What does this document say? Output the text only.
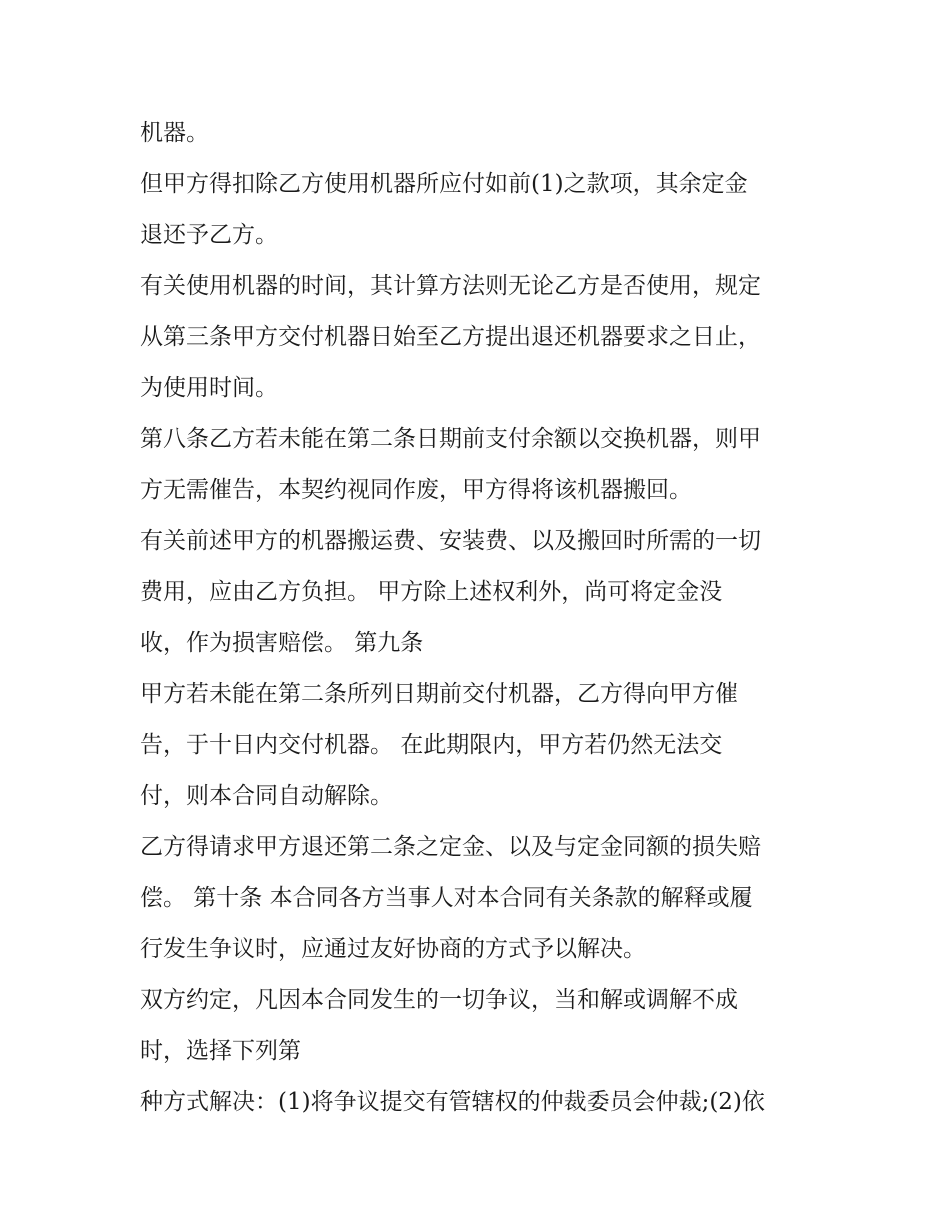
机器。
但甲方得扣除乙方使用机器所应付如前(1)之款项，其余定金
退还予乙方。
有关使用机器的时间，其计算方法则无论乙方是否使用，规定
从第三条甲方交付机器日始至乙方提出退还机器要求之日止，
为使用时间。
第八条乙方若未能在第二条日期前支付余额以交换机器，则甲
方无需催告，本契约视同作废，甲方得将该机器搬回。
有关前述甲方的机器搬运费、安装费、以及搬回时所需的一切
费用，应由乙方负担。 甲方除上述权利外，尚可将定金没
收，作为损害赔偿。 第九条
甲方若未能在第二条所列日期前交付机器，乙方得向甲方催
告，于十日内交付机器。 在此期限内，甲方若仍然无法交
付，则本合同自动解除。
乙方得请求甲方退还第二条之定金、以及与定金同额的损失赔
偿。 第十条 本合同各方当事人对本合同有关条款的解释或履
行发生争议时，应通过友好协商的方式予以解决。
双方约定，凡因本合同发生的一切争议，当和解或调解不成
时，选择下列第
种方式解决：(1)将争议提交有管辖权的仲裁委员会仲裁;(2)依
